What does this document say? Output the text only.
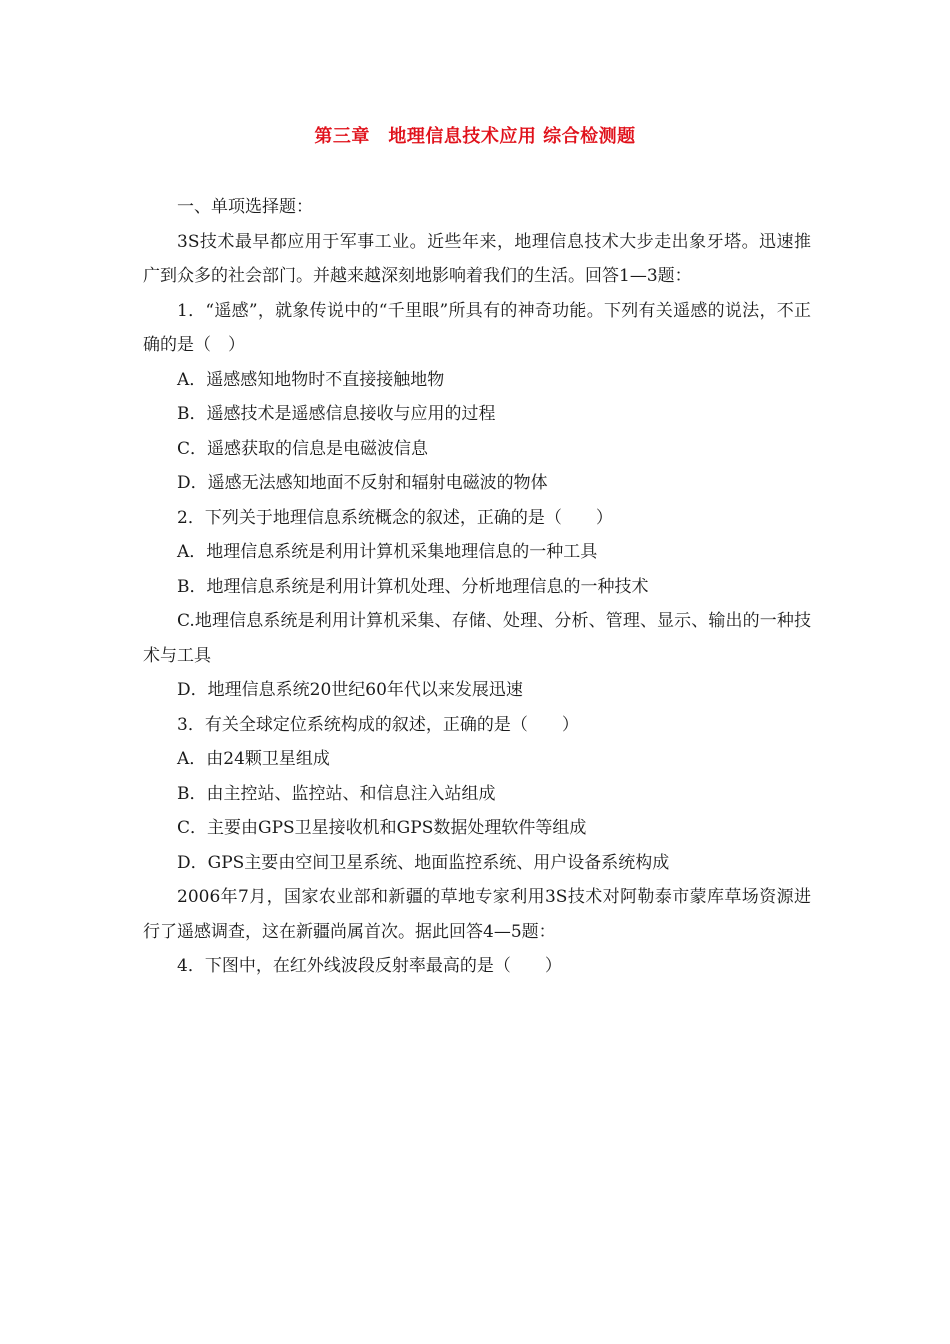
第三章　地理信息技术应用 综合检测题

一、单项选择题：

3S技术最早都应用于军事工业。近些年来，地理信息技术大步走出象牙塔。迅速推广到众多的社会部门。并越来越深刻地影响着我们的生活。回答1—3题：

1．“遥感”，就象传说中的“千里眼”所具有的神奇功能。下列有关遥感的说法，不正确的是（　）

A．遥感感知地物时不直接接触地物

B．遥感技术是遥感信息接收与应用的过程

C．遥感获取的信息是电磁波信息

D．遥感无法感知地面不反射和辐射电磁波的物体

2．下列关于地理信息系统概念的叙述，正确的是（　　）

A．地理信息系统是利用计算机采集地理信息的一种工具

B．地理信息系统是利用计算机处理、分析地理信息的一种技术

C.地理信息系统是利用计算机采集、存储、处理、分析、管理、显示、输出的一种技术与工具

D．地理信息系统20世纪60年代以来发展迅速

3．有关全球定位系统构成的叙述，正确的是（　　）

A．由24颗卫星组成

B．由主控站、监控站、和信息注入站组成

C．主要由GPS卫星接收机和GPS数据处理软件等组成

D．GPS主要由空间卫星系统、地面监控系统、用户设备系统构成

2006年7月，国家农业部和新疆的草地专家利用3S技术对阿勒泰市蒙库草场资源进行了遥感调查，这在新疆尚属首次。据此回答4—5题：

4．下图中，在红外线波段反射率最高的是（　　）
